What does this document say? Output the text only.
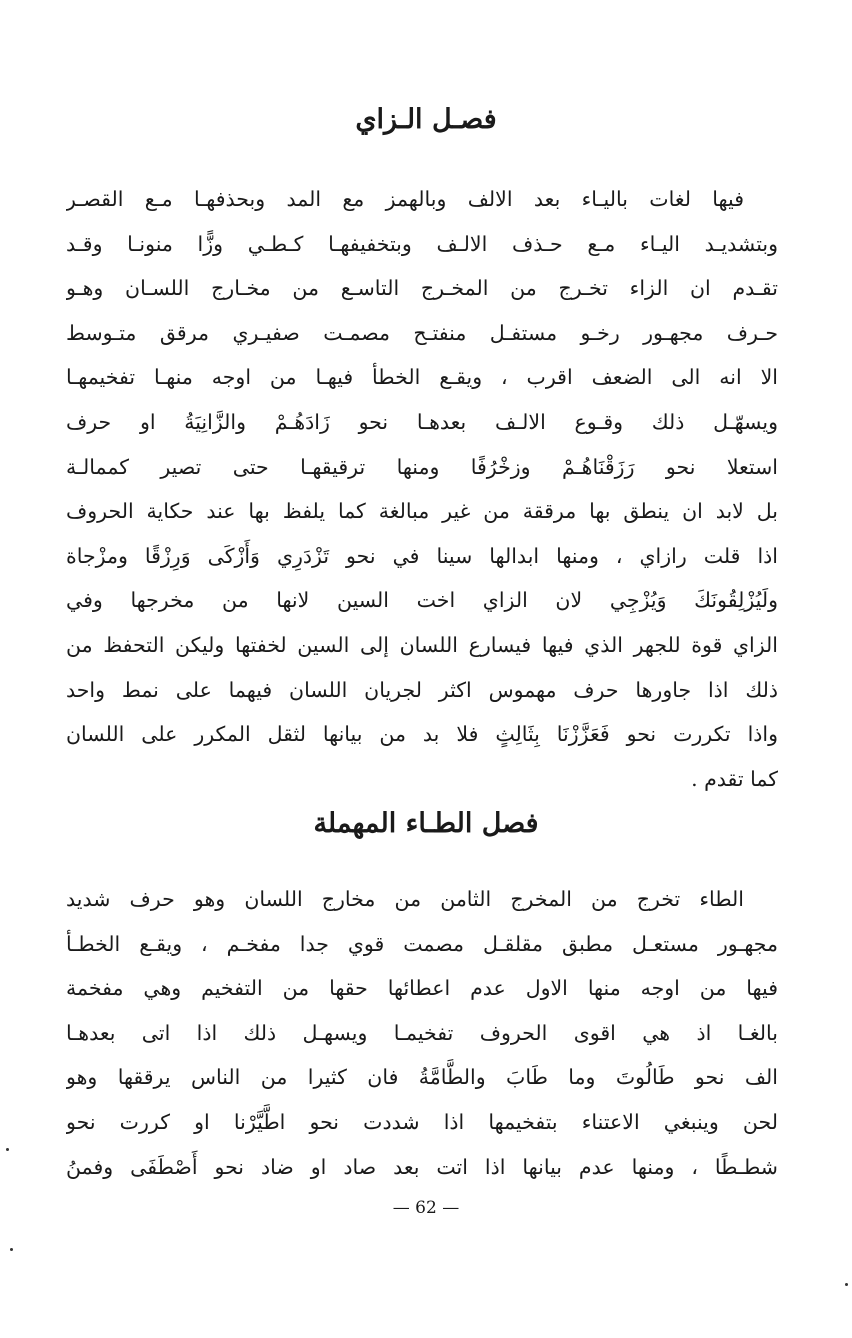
فصـل الـزاي
فيها لغات باليـاء بعد الالف وبالهمز مع المد وبحذفهـا مـع القصـر
وبتشديـد اليـاء مـع حـذف الالـف وبتخفيفهـا كـطـي وزًّا منونـا وقـد
تقـدم ان الزاء تخـرج من المخـرج التاسـع من مخـارج اللسـان وهـو
حـرف مجهـور رخـو مستفـل منفتـح مصمـت صفيـري مرقق متـوسط
الا انه الى الضعف اقرب ، ويقـع الخطأ فيهـا من اوجه منهـا تفخيمهـا
ويسهّـل ذلك وقـوع الالـف بعدهـا نحو زَادَهُـمْ والزَّانِيَةُ او حرف
استعلا نحو رَزَقْنَاهُـمْ وزخْرُفًا ومنها ترقيقهـا حتى تصير كممالـة
بل لابد ان ينطق بها مرققة من غير مبالغة كما يلفظ بها عند حكاية الحروف
اذا قلت رازاي ، ومنها ابدالها سينا في نحو تَزْدَرِي وَأَزْكَى وَرِزْقًا ومزْجاة
ولَيُزْلِقُونَكَ وَيُزْجِي لان الزاي اخت السين لانها من مخرجها وفي
الزاي قوة للجهر الذي فيها فيسارع اللسان إلى السين لخفتها وليكن التحفظ من
ذلك اذا جاورها حرف مهموس اكثر لجريان اللسان فيهما على نمط واحد
واذا تكررت نحو فَعَزَّزْنَا بِثَالِثٍ فلا بد من بيانها لثقل المكرر على اللسان
كما تقدم .
فصل الطـاء المهملة
الطاء تخرج من المخرج الثامن من مخارج اللسان وهو حرف شديد
مجهـور مستعـل مطبق مقلقـل مصمت قوي جدا مفخـم ، ويقـع الخطـأ
فيها من اوجه منها الاول عدم اعطائها حقها من التفخيم وهي مفخمة
بالغـا اذ هي اقوى الحروف تفخيمـا ويسهـل ذلك اذا اتى بعدهـا
الف نحو طَالُوتَ وما طَابَ والطَّامَّةُ فان كثيرا من الناس يرققها وهو
لحن وينبغي الاعتناء بتفخيمها اذا شددت نحو اطَّيَّرْنا او كررت نحو
شطـطًا ، ومنها عدم بيانها اذا اتت بعد صاد او ضاد نحو أَصْطَفَى وفمنُ
— 62 —
